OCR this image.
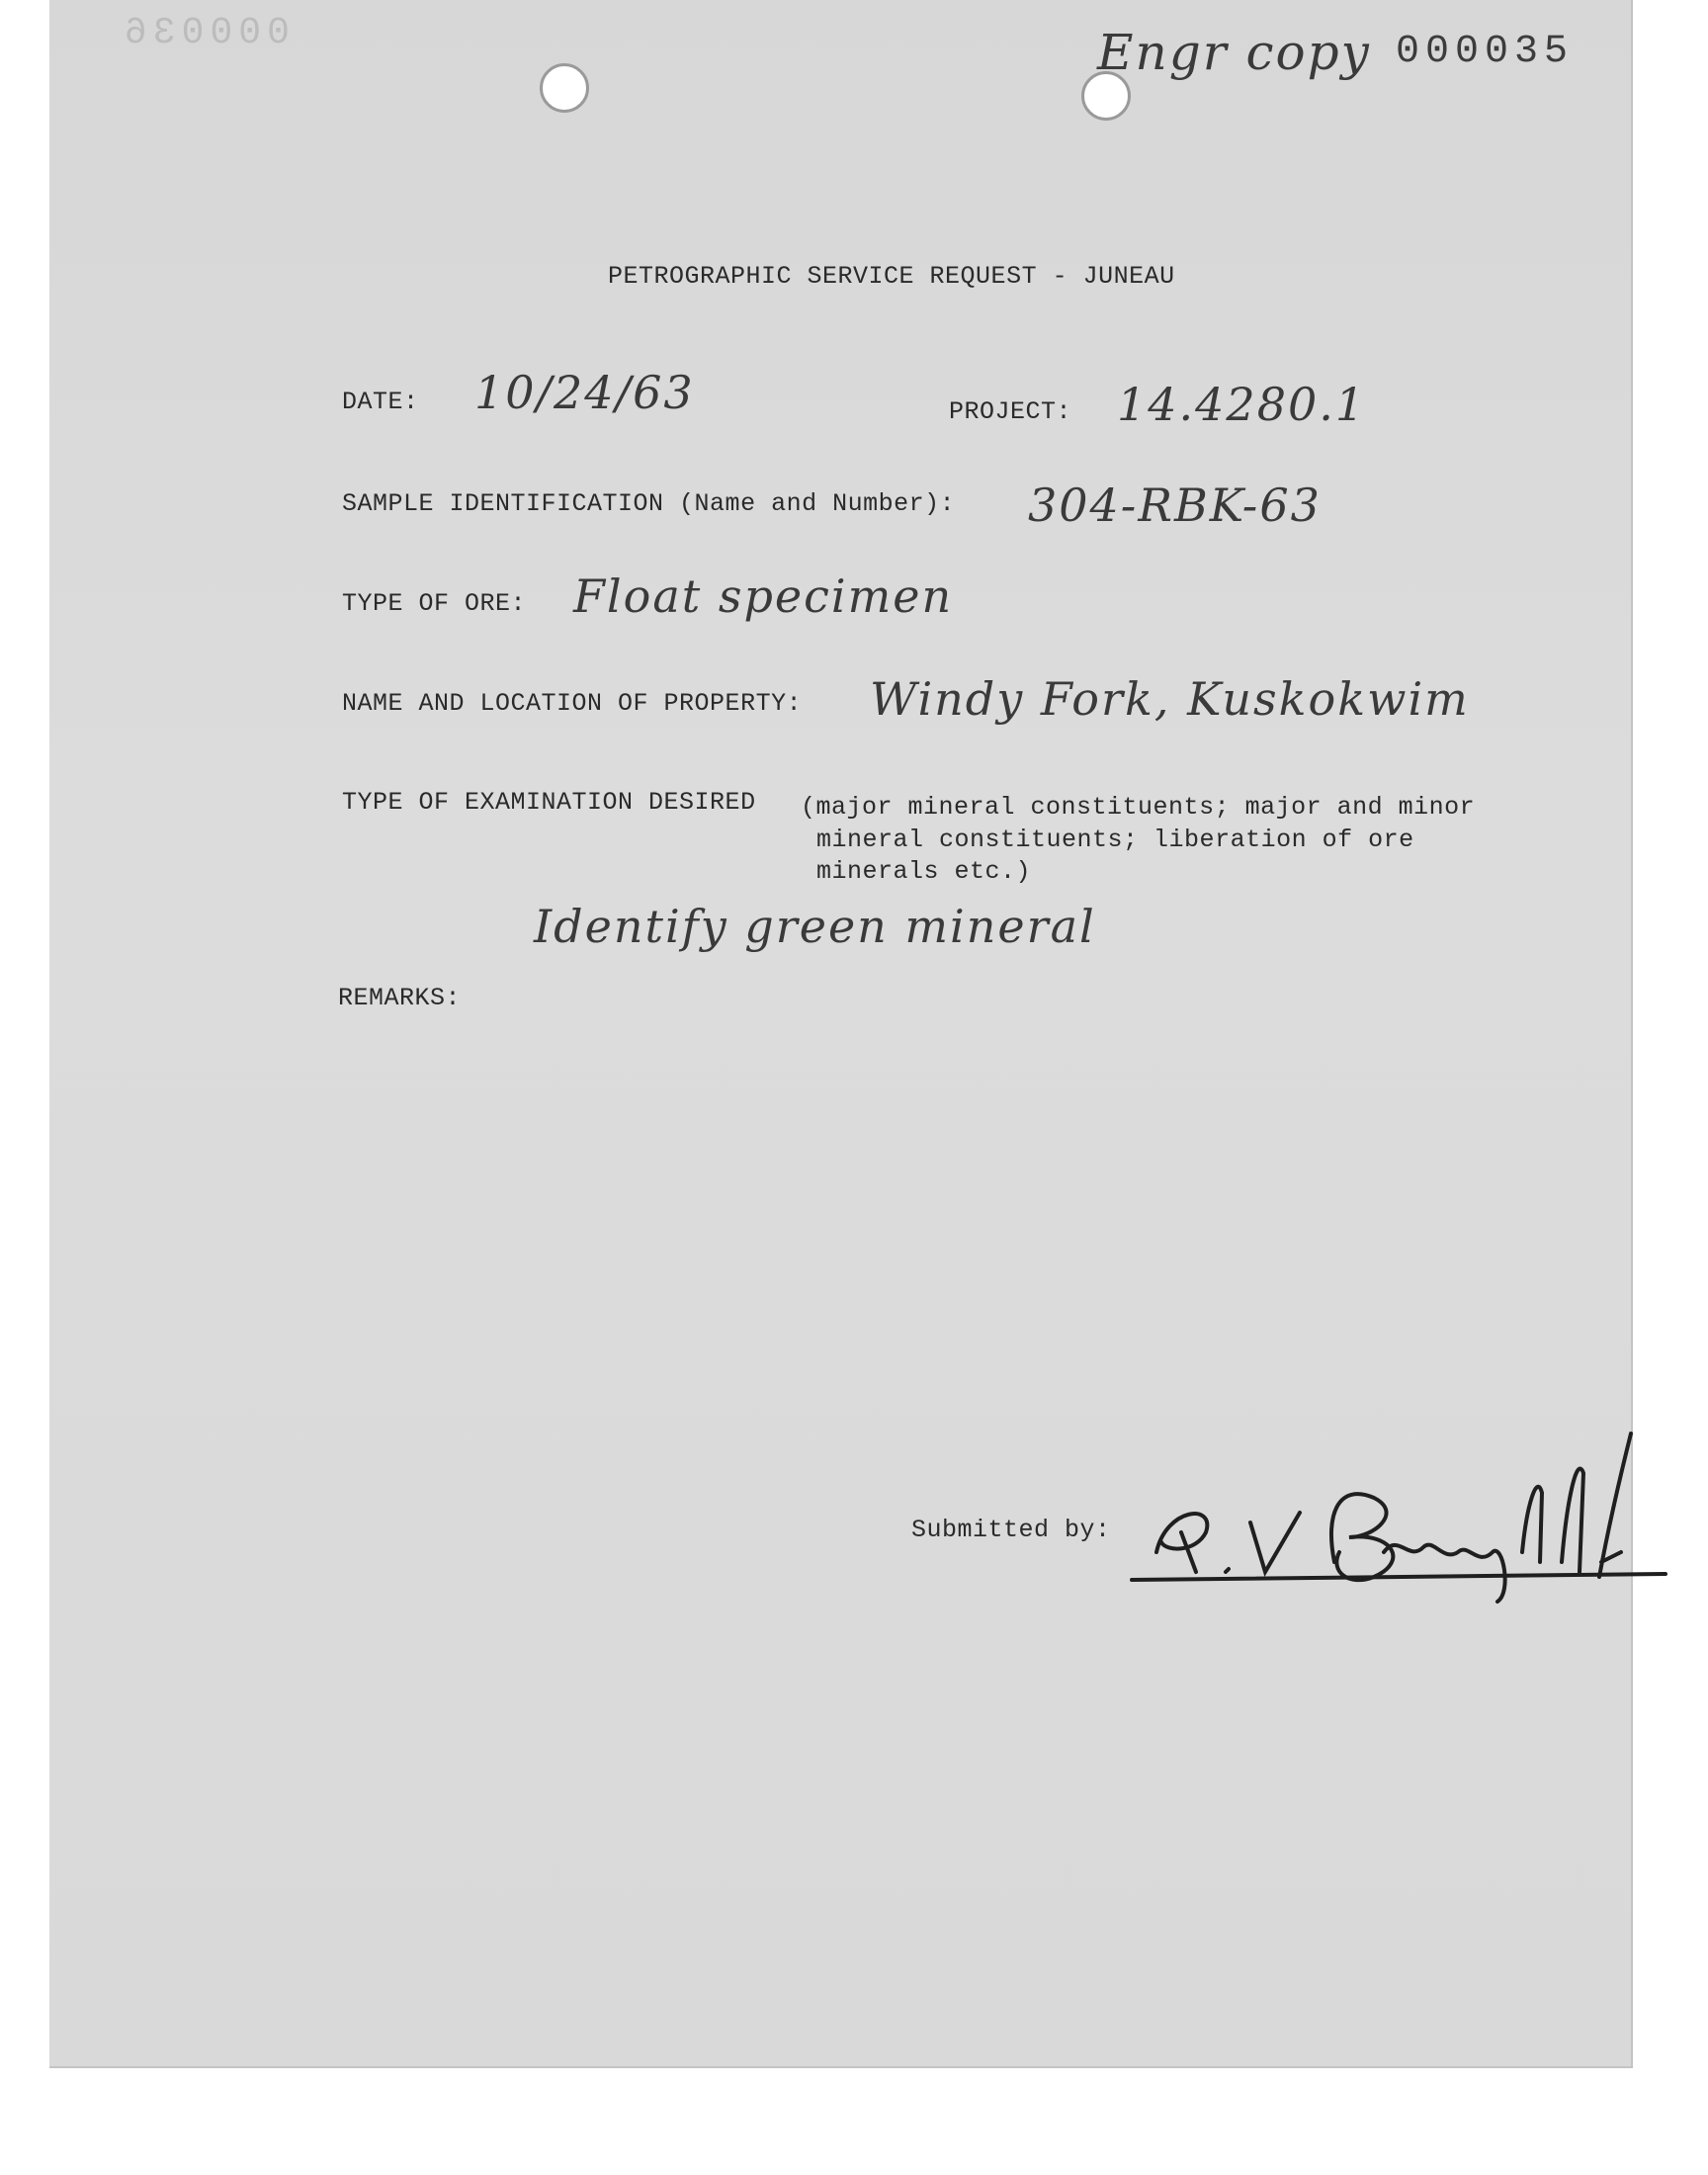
000036	Engr copy 000035
PETROGRAPHIC SERVICE REQUEST - JUNEAU
DATE: 10/24/63	PROJECT: 14.4280.1
SAMPLE IDENTIFICATION (Name and Number): 304-RBK-63
TYPE OF ORE: Float specimen
NAME AND LOCATION OF PROPERTY: Windy Fork, Kuskokwim
TYPE OF EXAMINATION DESIRED (major mineral constituents; major and minor
mineral constituents; liberation of ore
minerals etc.)
Identify green mineral
REMARKS:
Submitted by:
R.V. Berryhill
